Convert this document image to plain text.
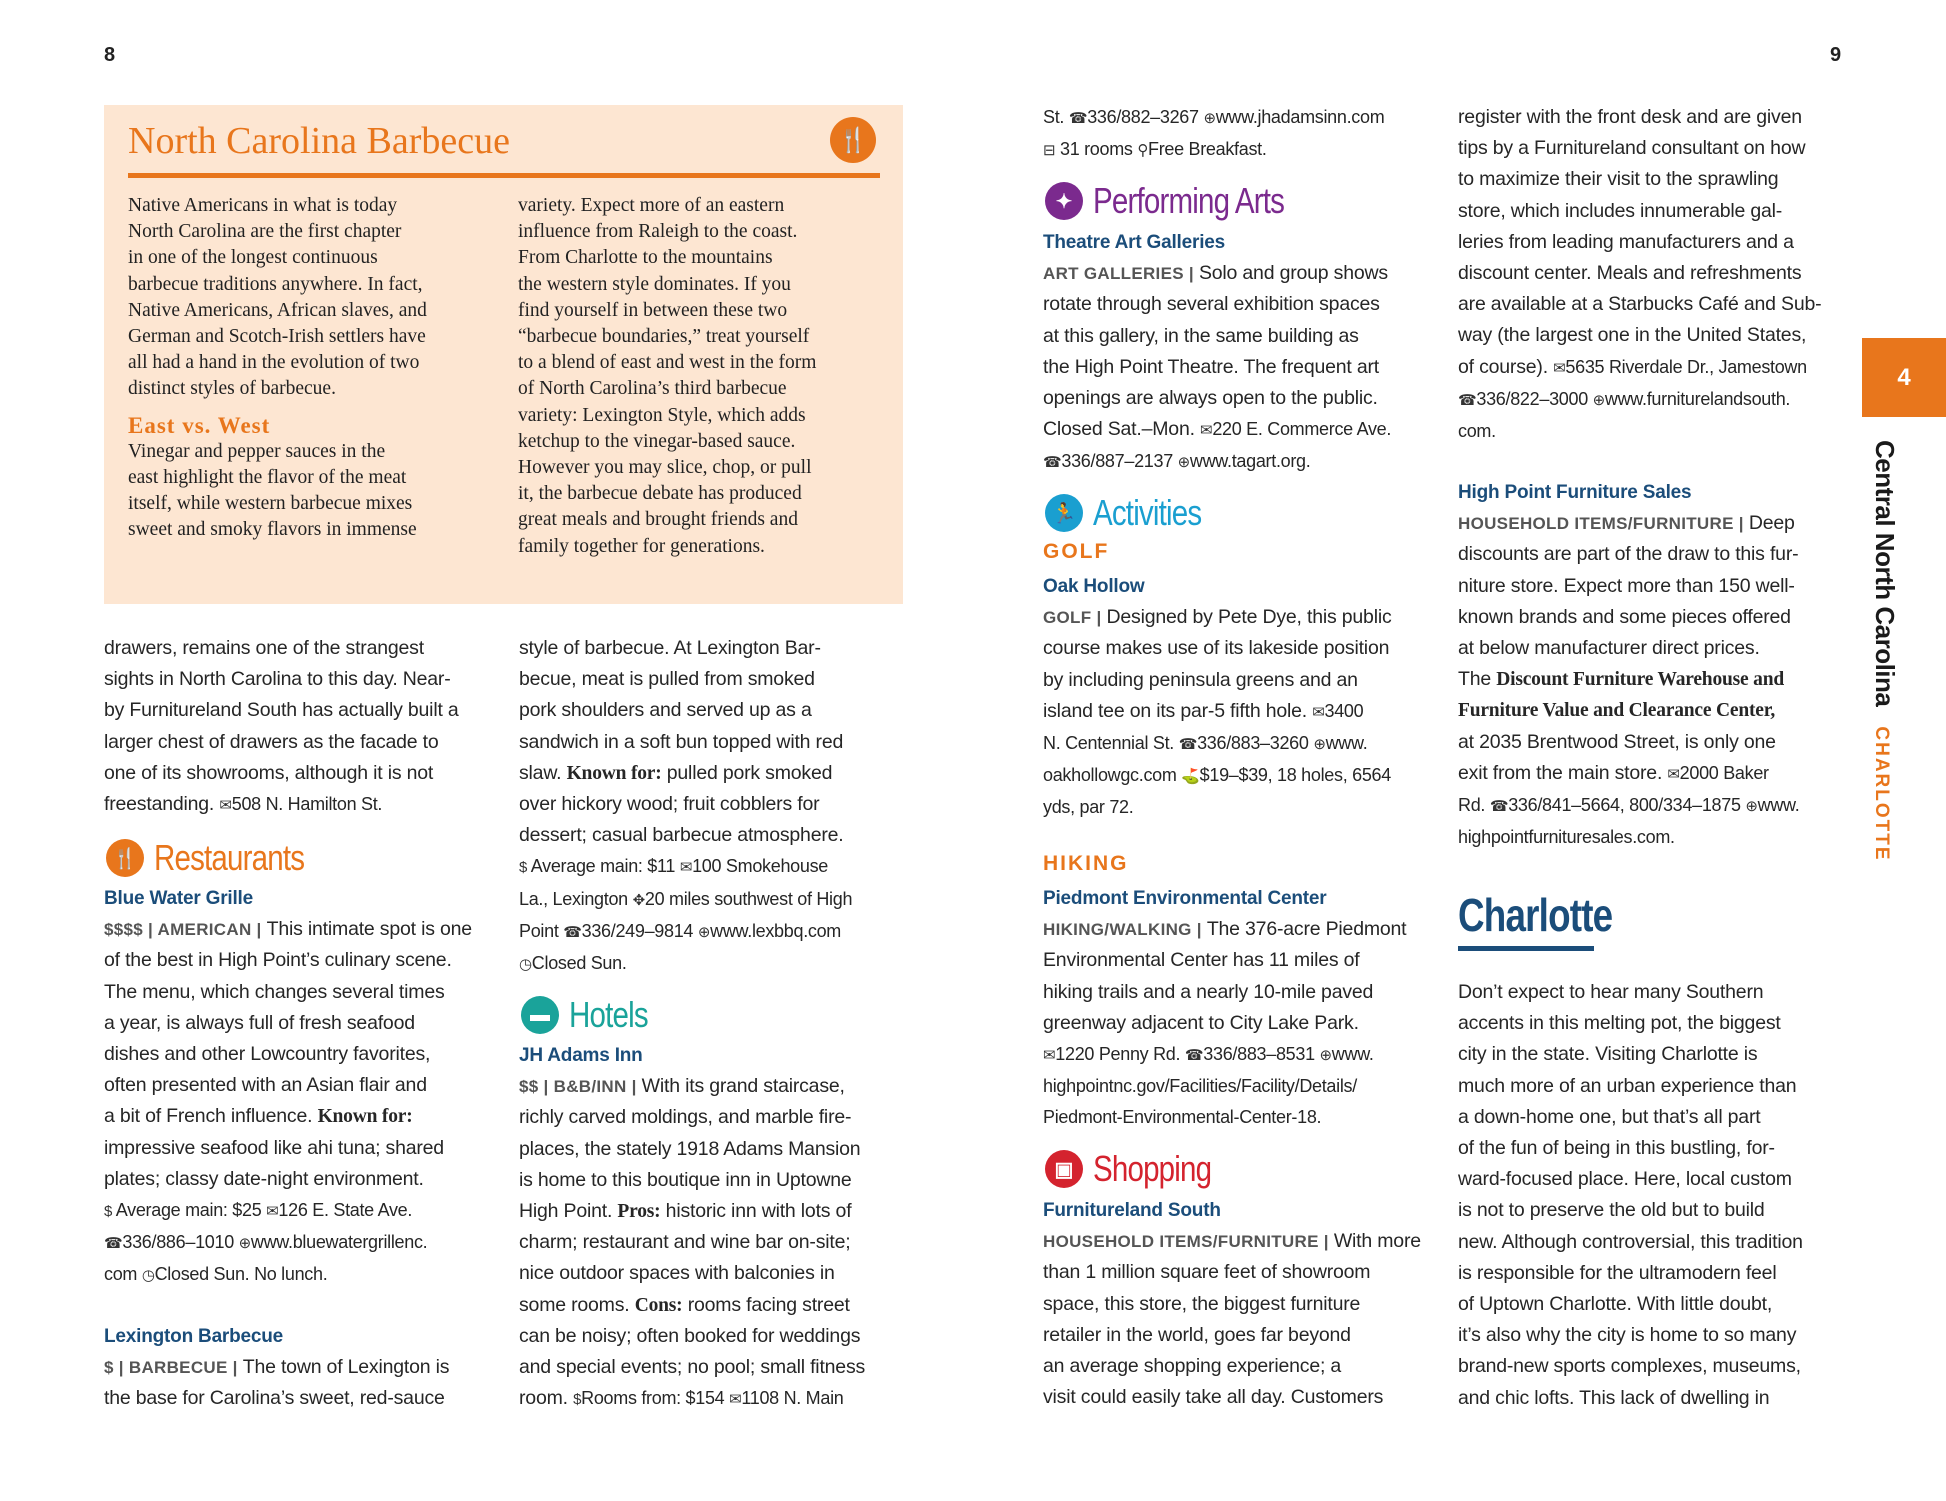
8	9
North Carolina Barbecue	🍴
Native Americans in what is today
North Carolina are the first chapter
in one of the longest continuous
barbecue traditions anywhere. In fact,
Native Americans, African slaves, and
German and Scotch-Irish settlers have
all had a hand in the evolution of two
distinct styles of barbecue.
East vs. West
Vinegar and pepper sauces in the
east highlight the flavor of the meat
itself, while western barbecue mixes
sweet and smoky flavors in immense
variety. Expect more of an eastern
influence from Raleigh to the coast.
From Charlotte to the mountains
the western style dominates. If you
find yourself in between these two
“barbecue boundaries,” treat yourself
to a blend of east and west in the form
of North Carolina’s third barbecue
variety: Lexington Style, which adds
ketchup to the vinegar-based sauce.
However you may slice, chop, or pull
it, the barbecue debate has produced
great meals and brought friends and
family together for generations.

drawers, remains one of the strangest

sights in North Carolina to this day. Near-

by Furnitureland South has actually built a

larger chest of drawers as the facade to

one of its showrooms, although it is not

freestanding. ✉508 N. Hamilton St.

🍴 Restaurants

Blue Water Grille

$$$$ | AMERICAN | This intimate spot is one

of the best in High Point’s culinary scene.

The menu, which changes several times

a year, is always full of fresh seafood

dishes and other Lowcountry favorites,

often presented with an Asian flair and

a bit of French influence. Known for:

impressive seafood like ahi tuna; shared

plates; classy date-night environment.

$ Average main: $25 ✉126 E. State Ave.

☎336/886–1010 ⊕www.bluewatergrillenc.

com ◷Closed Sun. No lunch.

Lexington Barbecue

$ | BARBECUE | The town of Lexington is

the base for Carolina’s sweet, red-sauce

style of barbecue. At Lexington Bar-

becue, meat is pulled from smoked

pork shoulders and served up as a

sandwich in a soft bun topped with red

slaw. Known for: pulled pork smoked

over hickory wood; fruit cobblers for

dessert; casual barbecue atmosphere.

$ Average main: $11 ✉100 Smokehouse

La., Lexington ✥20 miles southwest of High

Point ☎336/249–9814 ⊕www.lexbbq.com

◷Closed Sun.

▬ Hotels

JH Adams Inn

$$ | B&B/INN | With its grand staircase,

richly carved moldings, and marble fire-

places, the stately 1918 Adams Mansion

is home to this boutique inn in Uptowne

High Point. Pros: historic inn with lots of

charm; restaurant and wine bar on-site;

nice outdoor spaces with balconies in

some rooms. Cons: rooms facing street

can be noisy; often booked for weddings

and special events; no pool; small fitness

room. $Rooms from: $154 ✉1108 N. Main

St. ☎336/882–3267 ⊕www.jhadamsinn.com

⊟ 31 rooms ⚲Free Breakfast.

✦ Performing Arts

Theatre Art Galleries

ART GALLERIES | Solo and group shows

rotate through several exhibition spaces

at this gallery, in the same building as

the High Point Theatre. The frequent art

openings are always open to the public.

Closed Sat.–Mon. ✉220 E. Commerce Ave.

☎336/887–2137 ⊕www.tagart.org.

🏃 Activities
GOLF

Oak Hollow

GOLF | Designed by Pete Dye, this public

course makes use of its lakeside position

by including peninsula greens and an

island tee on its par-5 fifth hole. ✉3400

N. Centennial St. ☎336/883–3260 ⊕www.

oakhollowgc.com ⛳$19–$39, 18 holes, 6564

yds, par 72.

HIKING

Piedmont Environmental Center

HIKING/WALKING | The 376-acre Piedmont

Environmental Center has 11 miles of

hiking trails and a nearly 10-mile paved

greenway adjacent to City Lake Park.

✉1220 Penny Rd. ☎336/883–8531 ⊕www.

highpointnc.gov/Facilities/Facility/Details/

Piedmont-Environmental-Center-18.

▣ Shopping

Furnitureland South

HOUSEHOLD ITEMS/FURNITURE | With more

than 1 million square feet of showroom

space, this store, the biggest furniture

retailer in the world, goes far beyond

an average shopping experience; a

visit could easily take all day. Customers

register with the front desk and are given

tips by a Furnitureland consultant on how

to maximize their visit to the sprawling

store, which includes innumerable gal-

leries from leading manufacturers and a

discount center. Meals and refreshments

are available at a Starbucks Café and Sub-

way (the largest one in the United States,

of course). ✉5635 Riverdale Dr., Jamestown

☎336/822–3000 ⊕www.furniturelandsouth.

com.

High Point Furniture Sales

HOUSEHOLD ITEMS/FURNITURE | Deep

discounts are part of the draw to this fur-

niture store. Expect more than 150 well-

known brands and some pieces offered

at below manufacturer direct prices.

The Discount Furniture Warehouse and

Furniture Value and Clearance Center,

at 2035 Brentwood Street, is only one

exit from the main store. ✉2000 Baker

Rd. ☎336/841–5664, 800/334–1875 ⊕www.

highpointfurnituresales.com.

Charlotte

Don’t expect to hear many Southern

accents in this melting pot, the biggest

city in the state. Visiting Charlotte is

much more of an urban experience than

a down-home one, but that’s all part

of the fun of being in this bustling, for-

ward-focused place. Here, local custom

is not to preserve the old but to build

new. Although controversial, this tradition

is responsible for the ultramodern feel

of Uptown Charlotte. With little doubt,

it’s also why the city is home to so many

brand-new sports complexes, museums,

and chic lofts. This lack of dwelling in

4
Central North Carolina
CHARLOTTE
